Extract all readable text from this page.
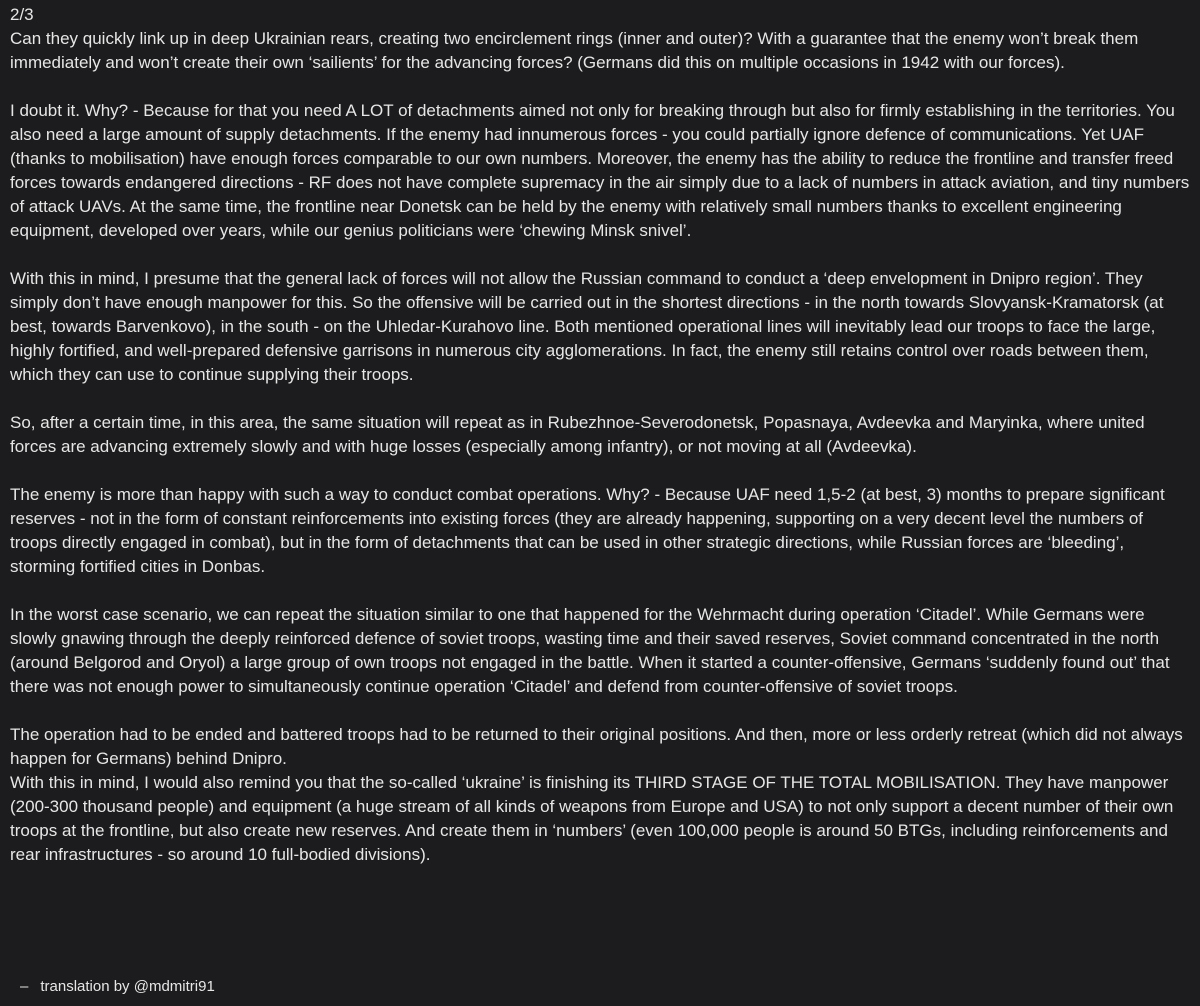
2/3

Can they quickly link up in deep Ukrainian rears, creating two encirclement rings (inner and outer)? With a guarantee that the enemy won’t break them immediately and won’t create their own ‘sailients’ for the advancing forces? (Germans did this on multiple occasions in 1942 with our forces).

I doubt it. Why? - Because for that you need A LOT of detachments aimed not only for breaking through but also for firmly establishing in the territories. You also need a large amount of supply detachments. If the enemy had innumerous forces - you could partially ignore defence of communications. Yet UAF (thanks to mobilisation) have enough forces comparable to our own numbers. Moreover, the enemy has the ability to reduce the frontline and transfer freed forces towards endangered directions - RF does not have complete supremacy in the air simply due to a lack of numbers in attack aviation, and tiny numbers of attack UAVs. At the same time, the frontline near Donetsk can be held by the enemy with relatively small numbers thanks to excellent engineering equipment, developed over years, while our genius politicians were ‘chewing Minsk snivel’.

With this in mind, I presume that the general lack of forces will not allow the Russian command to conduct a ‘deep envelopment in Dnipro region’. They simply don’t have enough manpower for this. So the offensive will be carried out in the shortest directions - in the north towards Slovyansk-Kramatorsk (at best, towards Barvenkovo), in the south - on the Uhledar-Kurahovo line. Both mentioned operational lines will inevitably lead our troops to face the large, highly fortified, and well-prepared defensive garrisons in numerous city agglomerations. In fact, the enemy still retains control over roads between them, which they can use to continue supplying their troops.

So, after a certain time, in this area, the same situation will repeat as in Rubezhnoe-Severodonetsk, Popasnaya, Avdeevka and Maryinka, where united forces are advancing extremely slowly and with huge losses (especially among infantry), or not moving at all (Avdeevka).

The enemy is more than happy with such a way to conduct combat operations. Why? - Because UAF need 1,5-2 (at best, 3) months to prepare significant reserves - not in the form of constant reinforcements into existing forces (they are already happening, supporting on a very decent level the numbers of troops directly engaged in combat), but in the form of detachments that can be used in other strategic directions, while Russian forces are ‘bleeding’, storming fortified cities in Donbas.

In the worst case scenario, we can repeat the situation similar to one that happened for the Wehrmacht during operation ‘Citadel’. While Germans were slowly gnawing through the deeply reinforced defence of soviet troops, wasting time and their saved reserves, Soviet command concentrated in the north (around Belgorod and Oryol) a large group of own troops not engaged in the battle. When it started a counter-offensive, Germans ‘suddenly found out’ that there was not enough power to simultaneously continue operation ‘Citadel’ and defend from counter-offensive of soviet troops.

The operation had to be ended and battered troops had to be returned to their original positions. And then, more or less orderly retreat (which did not always happen for Germans) behind Dnipro.

With this in mind, I would also remind you that the so-called ‘ukraine’ is finishing its THIRD STAGE OF THE TOTAL MOBILISATION. They have manpower (200-300 thousand people) and equipment (a huge stream of all kinds of weapons from Europe and USA) to not only support a decent number of their own troops at the frontline, but also create new reserves. And create them in ‘numbers’ (even 100,000 people is around 50 BTGs, including reinforcements and rear infrastructures - so around 10 full-bodied divisions).

– translation by @mdmitri91
